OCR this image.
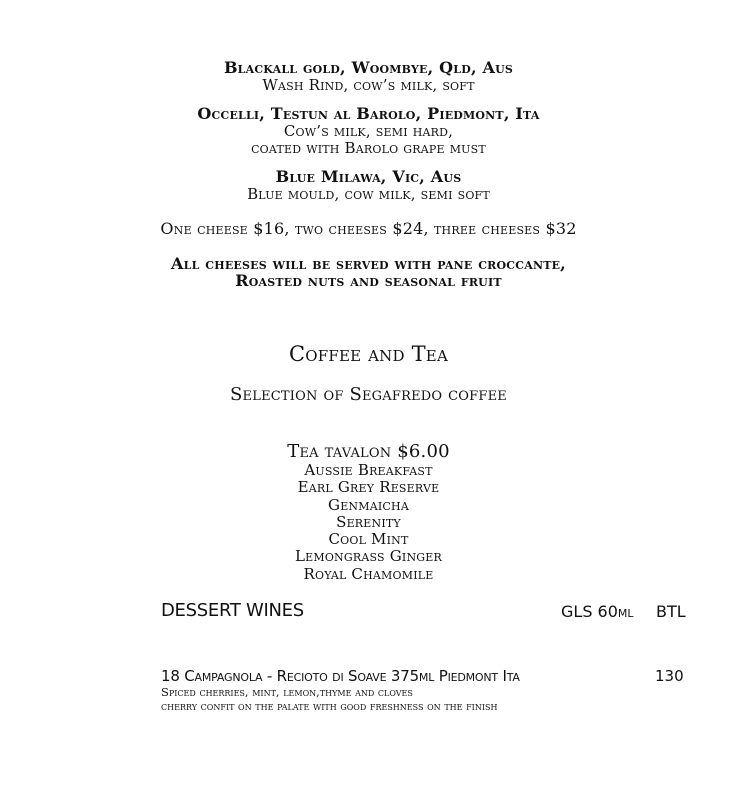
Blackall gold, Woombye, Qld, Aus
Wash Rind, cow’s milk, soft
Occelli, Testun al Barolo, Piedmont, Ita
Cow’s milk, semi hard,
coated with Barolo grape must
Blue Milawa, Vic, Aus
Blue mould, cow milk, semi soft
One cheese $16, two cheeses $24, three cheeses $32
All cheeses will be served with pane croccante,
Roasted nuts and seasonal fruit
Coffee and Tea
Selection of Segafredo coffee
Tea tavalon $6.00
Aussie Breakfast
Earl Grey Reserve
Genmaicha
Serenity
Cool Mint
Lemongrass Ginger
Royal Chamomile
DESSERT WINES	GLS 60ml BTL
18 Campagnola - Recioto di Soave 375ml Piedmont Ita	130
Spiced cherries, mint, lemon,thyme and cloves
cherry confit on the palate with good freshness on the finish
